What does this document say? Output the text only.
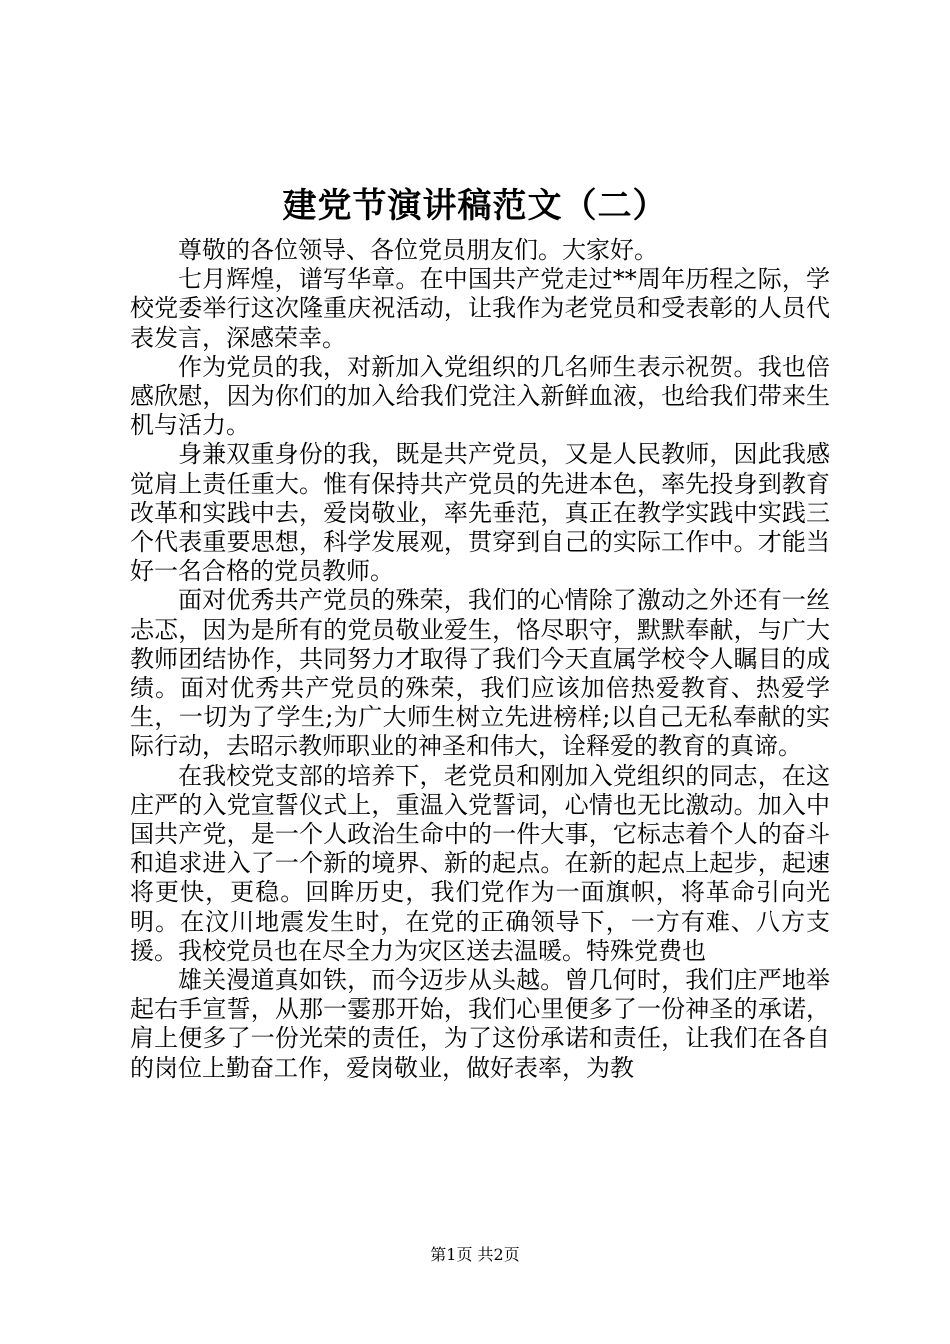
建党节演讲稿范文（二）

尊敬的各位领导、各位党员朋友们。大家好。

七月辉煌，谱写华章。在中国共产党走过**周年历程之际，学校党委举行这次隆重庆祝活动，让我作为老党员和受表彰的人员代表发言，深感荣幸。

作为党员的我，对新加入党组织的几名师生表示祝贺。我也倍感欣慰，因为你们的加入给我们党注入新鲜血液，也给我们带来生机与活力。

身兼双重身份的我，既是共产党员，又是人民教师，因此我感觉肩上责任重大。惟有保持共产党员的先进本色，率先投身到教育改革和实践中去，爱岗敬业，率先垂范，真正在教学实践中实践三个代表重要思想，科学发展观，贯穿到自己的实际工作中。才能当好一名合格的党员教师。

面对优秀共产党员的殊荣，我们的心情除了激动之外还有一丝忐忑，因为是所有的党员敬业爱生，恪尽职守，默默奉献，与广大教师团结协作，共同努力才取得了我们今天直属学校令人瞩目的成绩。面对优秀共产党员的殊荣，我们应该加倍热爱教育、热爱学生，一切为了学生;为广大师生树立先进榜样;以自己无私奉献的实际行动，去昭示教师职业的神圣和伟大，诠释爱的教育的真谛。

在我校党支部的培养下，老党员和刚加入党组织的同志，在这庄严的入党宣誓仪式上，重温入党誓词，心情也无比激动。加入中国共产党，是一个人政治生命中的一件大事，它标志着个人的奋斗和追求进入了一个新的境界、新的起点。在新的起点上起步，起速将更快，更稳。回眸历史，我们党作为一面旗帜，将革命引向光明。在汶川地震发生时，在党的正确领导下，一方有难、八方支援。我校党员也在尽全力为灾区送去温暖。特殊党费也

雄关漫道真如铁，而今迈步从头越。曾几何时，我们庄严地举起右手宣誓，从那一霎那开始，我们心里便多了一份神圣的承诺，肩上便多了一份光荣的责任，为了这份承诺和责任，让我们在各自的岗位上勤奋工作，爱岗敬业，做好表率，为教

第1页 共2页
